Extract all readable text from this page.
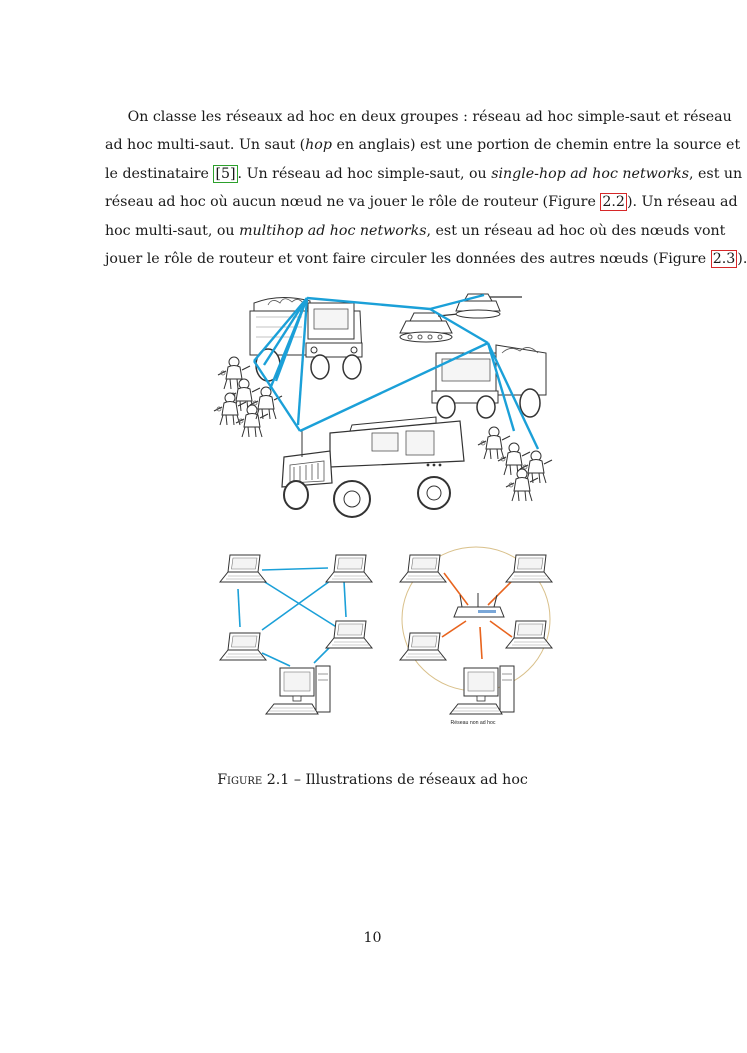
On classe les réseaux ad hoc en deux groupes : réseau ad hoc simple-saut et réseau
ad hoc multi-saut. Un saut (hop en anglais) est une portion de chemin entre la source et
le destinataire [5] . Un réseau ad hoc simple-saut, ou single-hop ad hoc networks, est un
réseau ad hoc où aucun nœud ne va jouer le rôle de routeur (Figure 2.2 ). Un réseau ad
hoc multi-saut, ou multihop ad hoc networks, est un réseau ad hoc où des nœuds vont
jouer le rôle de routeur et vont faire circuler les données des autres nœuds (Figure 2.3 ).
Réseau non ad hoc
Figure 2.1 – Illustrations de réseaux ad hoc
10
